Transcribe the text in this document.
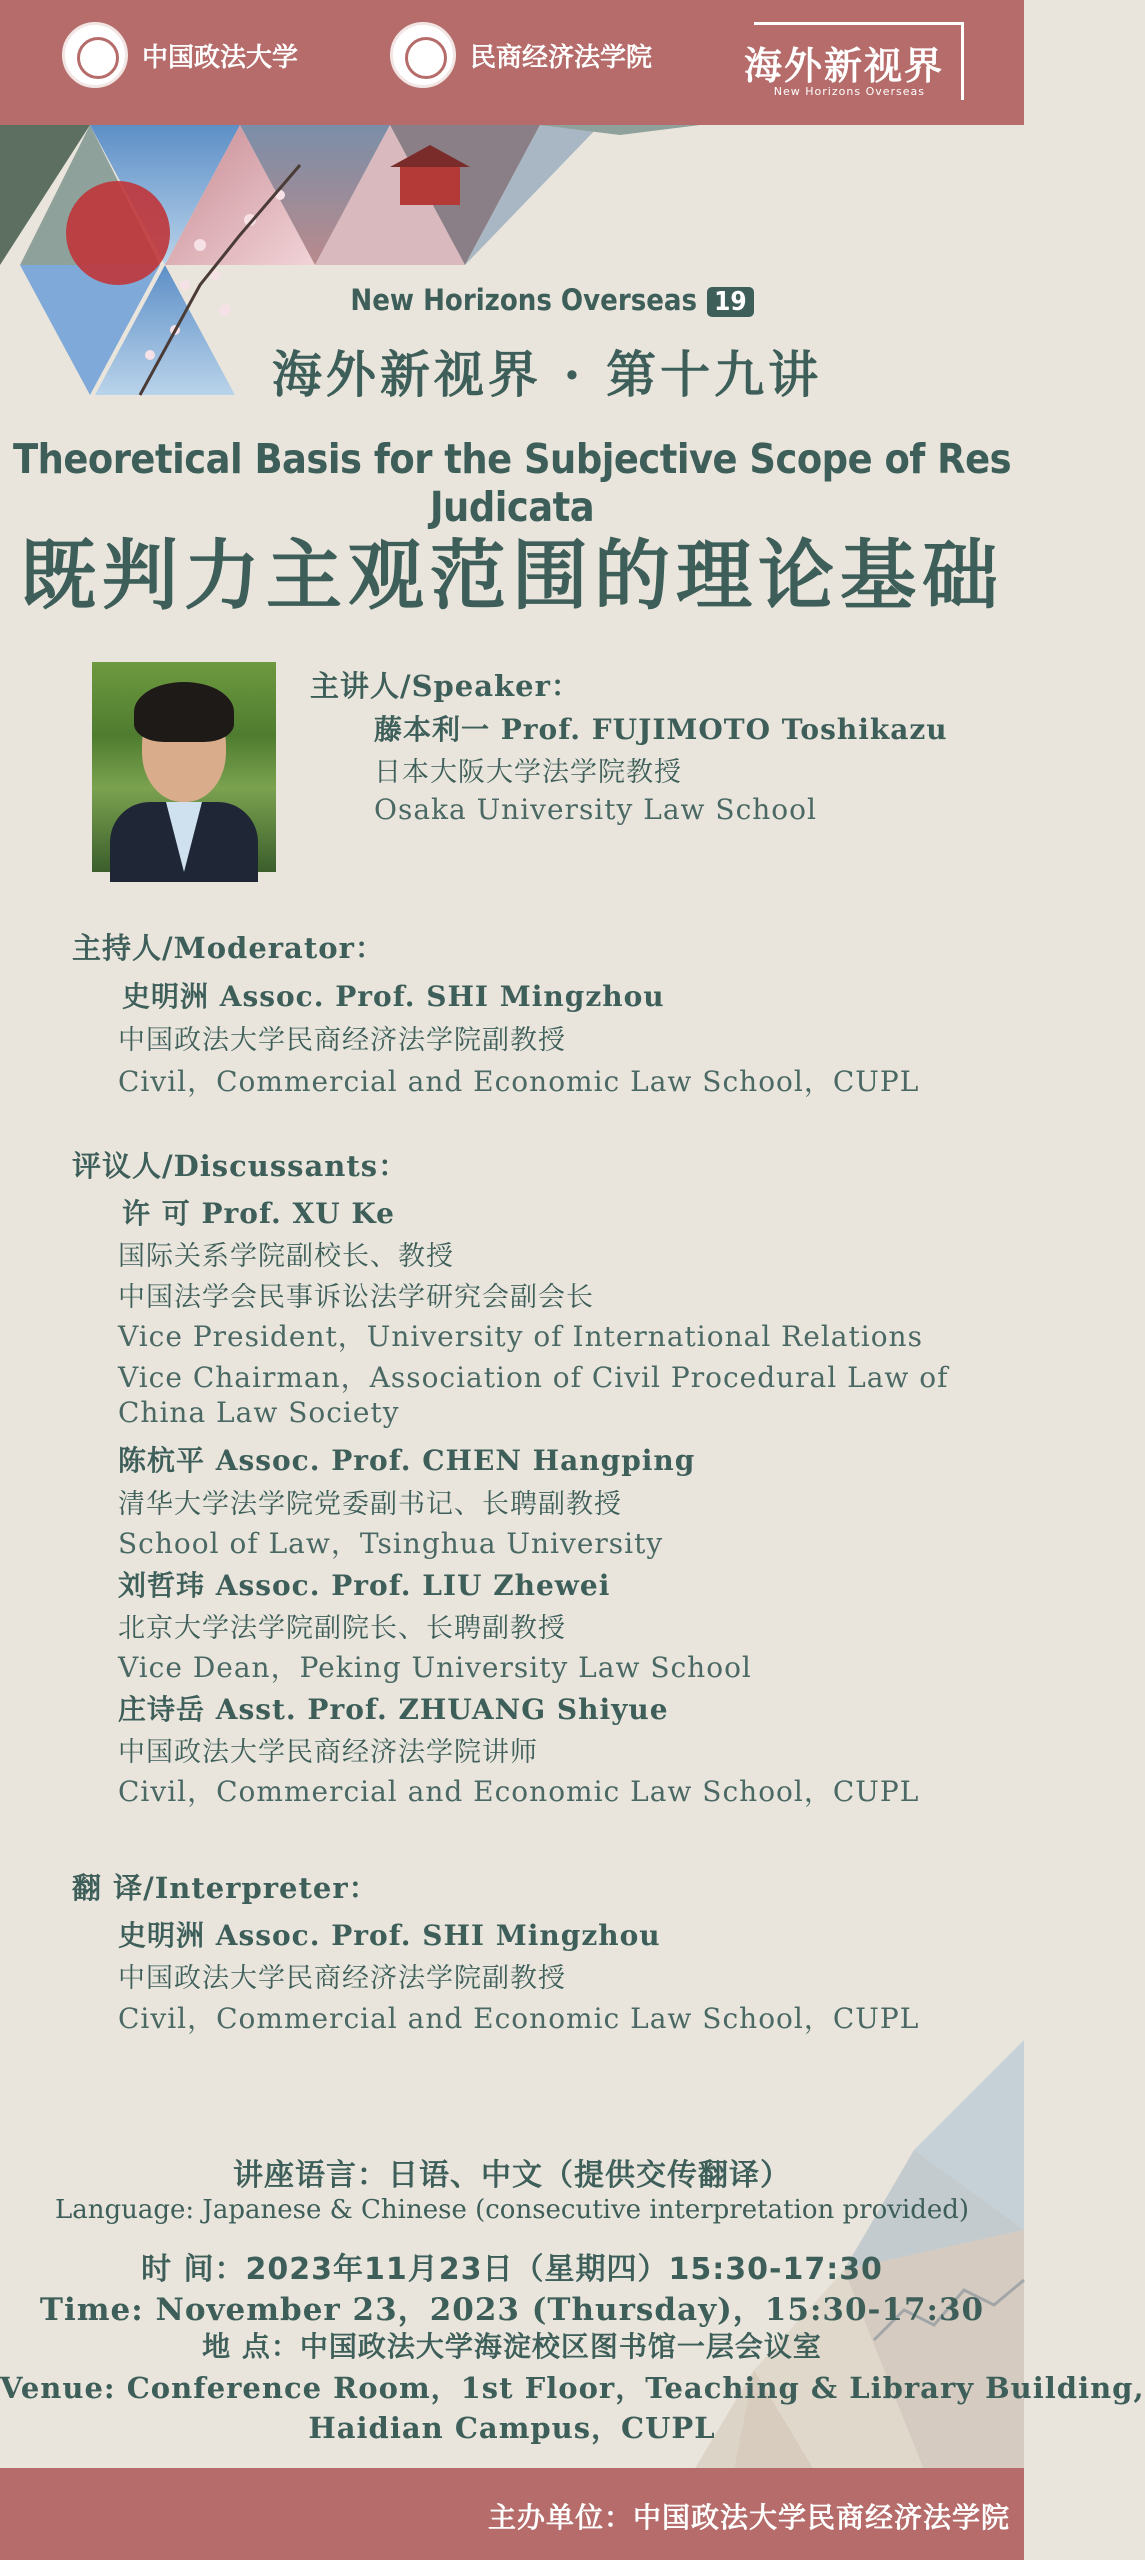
中国政法大学	民商经济法学院 海外新视界
New Horizons Overseas
New Horizons Overseas 19
海外新视界 · 第十九讲
Theoretical Basis for the Subjective Scope of Res Judicata
既判力主观范围的理论基础
主讲人/Speaker：
藤本利一 Prof. FUJIMOTO Toshikazu
日本大阪大学法学院教授
Osaka University Law School
主持人/Moderator：
史明洲 Assoc. Prof. SHI Mingzhou
中国政法大学民商经济法学院副教授
Civil，Commercial and Economic Law School，CUPL
评议人/Discussants：
许 可 Prof. XU Ke
国际关系学院副校长、教授
中国法学会民事诉讼法学研究会副会长
Vice President，University of International Relations
Vice Chairman，Association of Civil Procedural Law of
China Law Society
陈杭平 Assoc. Prof. CHEN Hangping
清华大学法学院党委副书记、长聘副教授
School of Law，Tsinghua University
刘哲玮 Assoc. Prof. LIU Zhewei
北京大学法学院副院长、长聘副教授
Vice Dean，Peking University Law School
庄诗岳 Asst. Prof. ZHUANG Shiyue
中国政法大学民商经济法学院讲师
Civil，Commercial and Economic Law School，CUPL
翻 译/Interpreter：
史明洲 Assoc. Prof. SHI Mingzhou
中国政法大学民商经济法学院副教授
Civil，Commercial and Economic Law School，CUPL
讲座语言：日语、中文（提供交传翻译）
Language: Japanese & Chinese (consecutive interpretation provided)
时 间：2023年11月23日（星期四）15:30-17:30
Time: November 23，2023 (Thursday)，15:30-17:30
地 点：中国政法大学海淀校区图书馆一层会议室
Venue: Conference Room，1st Floor，Teaching & Library Building,
Haidian Campus，CUPL
主办单位：中国政法大学民商经济法学院
